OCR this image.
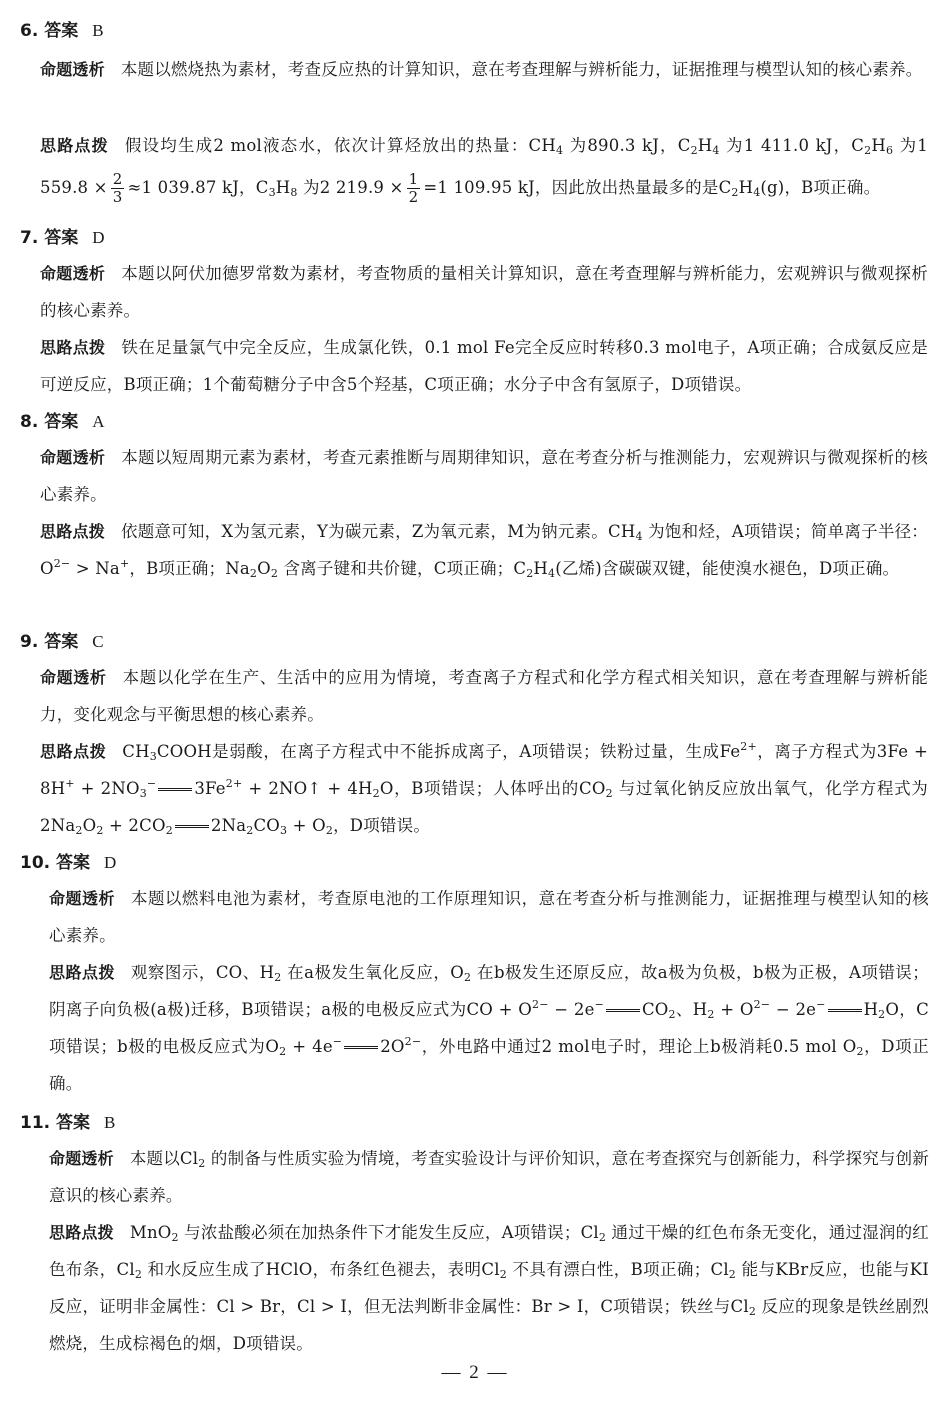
6. 答案 B
命题透析 本题以燃烧热为素材，考查反应热的计算知识，意在考查理解与辨析能力，证据推理与模型认知的核心素养。
思路点拨 假设均生成2 mol液态水，依次计算烃放出的热量：$CH_4$ 为890.3 kJ，$C_2H_4$ 为1 411.0 kJ，$C_2H_6$ 为1 $559.8 \times \frac{2}{3} \approx 1$ 039.87 kJ，$C_3H_8$ 为2 $219.9 \times \frac{1}{2} =1$ 109.95 kJ，因此放出热量最多的是$C_2H_4(g)$，B项正确。
7. 答案 D
命题透析 本题以阿伏加德罗常数为素材，考查物质的量相关计算知识，意在考查理解与辨析能力，宏观辨识与微观探析的核心素养。
思路点拨 铁在足量氯气中完全反应，生成氯化铁，0.1 mol Fe完全反应时转移0.3 mol电子，A项正确；合成氨反应是可逆反应，B项正确；1个葡萄糖分子中含5个羟基，C项正确；水分子中含有氢原子，D项错误。
8. 答案 A
命题透析 本题以短周期元素为素材，考查元素推断与周期律知识，意在考查分析与推测能力，宏观辨识与微观探析的核心素养。
思路点拨 依题意可知，X为氢元素，Y为碳元素，Z为氧元素，M为钠元素。$CH_4$ 为饱和烃，A项错误；简单离子半径：$O^{2-} > Na^+$，B项正确；$Na_2O_2$ 含离子键和共价键，C项正确；$C_2H_4$(乙烯)含碳碳双键，能使溴水褪色，D项正确。
9. 答案 C
命题透析 本题以化学在生产、生活中的应用为情境，考查离子方程式和化学方程式相关知识，意在考查理解与辨析能力，变化观念与平衡思想的核心素养。
思路点拨 $CH_3COOH$是弱酸，在离子方程式中不能拆成离子，A项错误；铁粉过量，生成$Fe^{2+}$，离子方程式为$3Fe + 8H^+ + 2NO_3^-$ $3Fe^{2+}$ + 2NO↑ + $4H_2O$，B项错误；人体呼出的$CO_2$ 与过氧化钠反应放出氧气，化学方程式为$2Na_2O_2 + 2CO_2$ $2Na_2CO_3 + O_2$，D项错误。
10. 答案 D
命题透析 本题以燃料电池为素材，考查原电池的工作原理知识，意在考查分析与推测能力，证据推理与模型认知的核心素养。
思路点拨 观察图示，CO、$H_2$ 在a极发生氧化反应，$O_2$ 在b极发生还原反应，故a极为负极，b极为正极，A项错误；阴离子向负极(a极)迁移，B项错误；a极的电极反应式为CO + $O^{2-} - 2e^-$ $CO_2$、$H_2 + O^{2-} - 2e^-$ $H_2O$，C项错误；b极的电极反应式为$O_2 + 4e^-$ $2O^{2-}$，外电路中通过2 mol电子时，理论上b极消耗0.5 mol $O_2$，D项正确。
11. 答案 B
命题透析 本题以$Cl_2$ 的制备与性质实验为情境，考查实验设计与评价知识，意在考查探究与创新能力，科学探究与创新意识的核心素养。
思路点拨 MnO$_2$ 与浓盐酸必须在加热条件下才能发生反应，A项错误；$Cl_2$ 通过干燥的红色布条无变化，通过湿润的红色布条，$Cl_2$ 和水反应生成了HClO，布条红色褪去，表明$Cl_2$ 不具有漂白性，B项正确；$Cl_2$ 能与KBr反应，也能与KI反应，证明非金属性：Cl > Br，Cl > I，但无法判断非金属性：Br > I，C项错误；铁丝与$Cl_2$ 反应的现象是铁丝剧烈燃烧，生成棕褐色的烟，D项错误。
— 2 —
